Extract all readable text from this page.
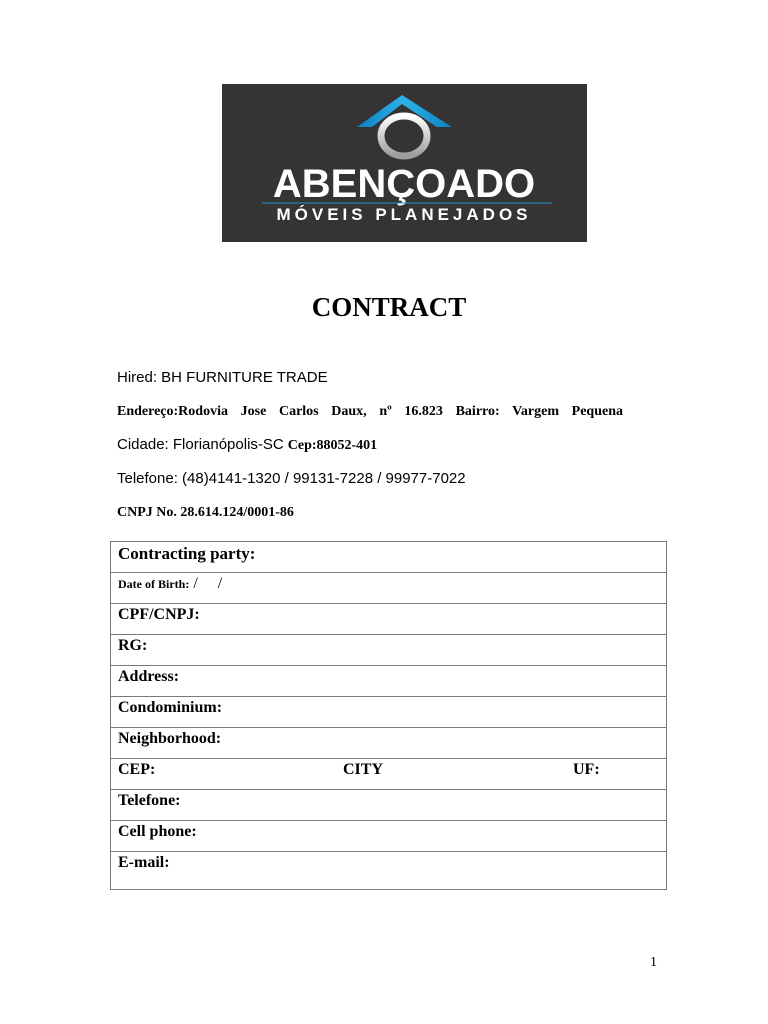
ABENÇOADO
MÓVEIS PLANEJADOS
CONTRACT
Hired: BH FURNITURE TRADE
Endereço:Rodovia Jose Carlos Daux, nº 16.823 Bairro: Vargem Pequena
Cidade: Florianópolis-SC Cep:88052-401
Telefone: (48)4141-1320 / 99131-7228 / 99977-7022
CNPJ No. 28.614.124/0001-86
Contracting party:
Date of Birth: /     /
CPF/CNPJ:
RG:
Address:
Condominium:
Neighborhood:

CEP:	CITY	UF:

Telefone:
Cell phone:
E-mail:
1
